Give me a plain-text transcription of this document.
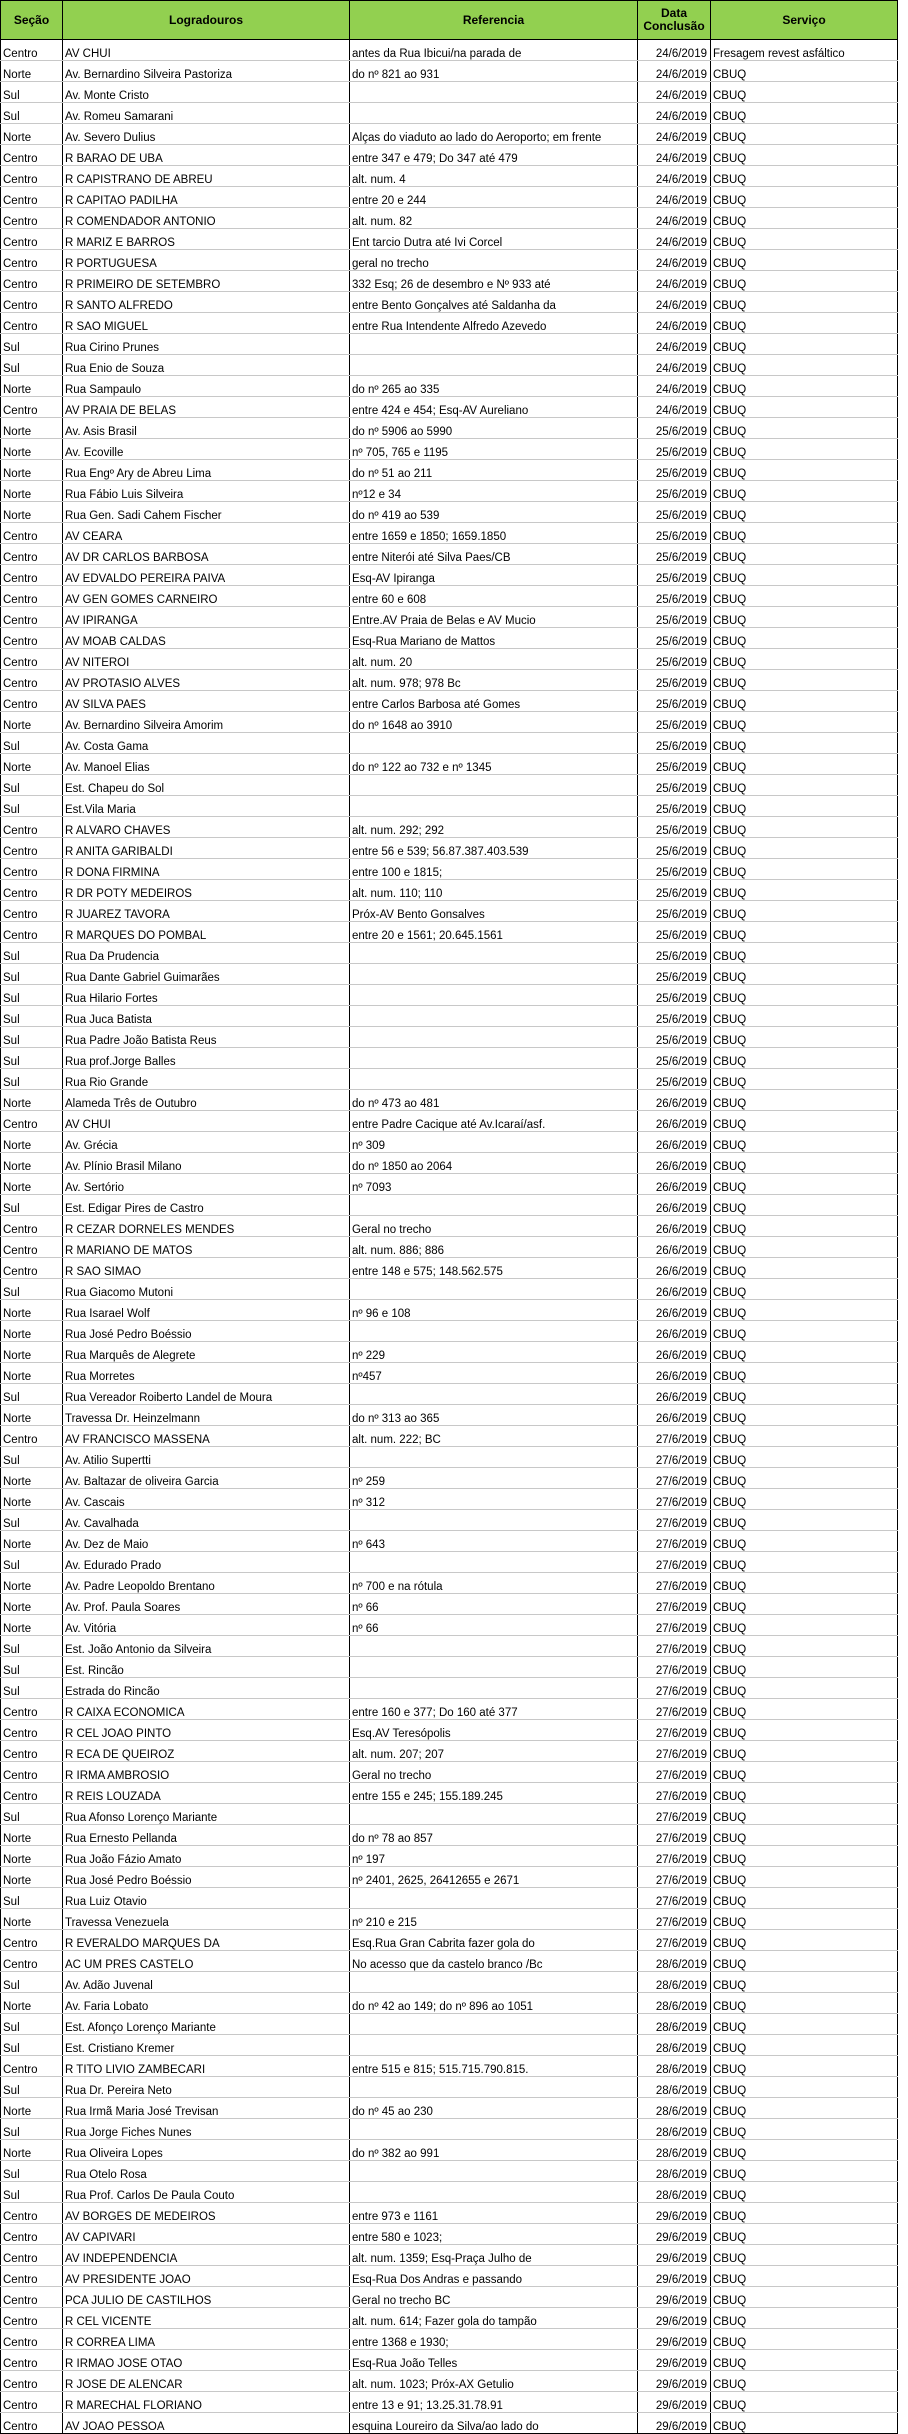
Seção	Logradouros	Referencia	Data Conclusão	Serviço
Centro	AV CHUI	antes da Rua Ibicui/na parada de	24/6/2019	Fresagem revest asfáltico
Norte	Av. Bernardino Silveira Pastoriza	do nº 821 ao 931	24/6/2019	CBUQ
Sul	Av. Monte Cristo		24/6/2019	CBUQ
Sul	Av. Romeu Samarani		24/6/2019	CBUQ
Norte	Av. Severo Dulius	Alças do viaduto ao lado do Aeroporto; em frente	24/6/2019	CBUQ
Centro	R BARAO DE UBA	entre 347 e 479; Do 347 até 479	24/6/2019	CBUQ
Centro	R CAPISTRANO DE ABREU	alt. num. 4	24/6/2019	CBUQ
Centro	R CAPITAO PADILHA	entre 20 e 244	24/6/2019	CBUQ
Centro	R COMENDADOR ANTONIO	alt. num. 82	24/6/2019	CBUQ
Centro	R MARIZ E BARROS	Ent tarcio Dutra até Ivi Corcel	24/6/2019	CBUQ
Centro	R PORTUGUESA	geral no trecho	24/6/2019	CBUQ
Centro	R PRIMEIRO DE SETEMBRO	332 Esq; 26 de desembro e Nº 933 até	24/6/2019	CBUQ
Centro	R SANTO ALFREDO	entre Bento Gonçalves até Saldanha da	24/6/2019	CBUQ
Centro	R SAO MIGUEL	entre Rua Intendente Alfredo Azevedo	24/6/2019	CBUQ
Sul	Rua Cirino Prunes		24/6/2019	CBUQ
Sul	Rua Enio de Souza		24/6/2019	CBUQ
Norte	Rua Sampaulo	do nº 265 ao 335	24/6/2019	CBUQ
Centro	AV PRAIA DE BELAS	entre 424 e 454; Esq-AV Aureliano	24/6/2019	CBUQ
Norte	Av. Asis Brasil	do nº 5906 ao 5990	25/6/2019	CBUQ
Norte	Av. Ecoville	nº 705, 765 e 1195	25/6/2019	CBUQ
Norte	Rua Engº Ary de Abreu Lima	do nº 51 ao 211	25/6/2019	CBUQ
Norte	Rua Fábio Luis Silveira	nº12 e 34	25/6/2019	CBUQ
Norte	Rua Gen. Sadi Cahem Fischer	do nº 419 ao 539	25/6/2019	CBUQ
Centro	AV CEARA	entre 1659 e 1850; 1659.1850	25/6/2019	CBUQ
Centro	AV DR CARLOS BARBOSA	entre Niterói até Silva Paes/CB	25/6/2019	CBUQ
Centro	AV EDVALDO PEREIRA PAIVA	Esq-AV Ipiranga	25/6/2019	CBUQ
Centro	AV GEN GOMES CARNEIRO	entre 60 e 608	25/6/2019	CBUQ
Centro	AV IPIRANGA	Entre.AV Praia de Belas e AV Mucio	25/6/2019	CBUQ
Centro	AV MOAB CALDAS	Esq-Rua Mariano de Mattos	25/6/2019	CBUQ
Centro	AV NITEROI	alt. num. 20	25/6/2019	CBUQ
Centro	AV PROTASIO ALVES	alt. num. 978; 978 Bc	25/6/2019	CBUQ
Centro	AV SILVA PAES	entre Carlos Barbosa até Gomes	25/6/2019	CBUQ
Norte	Av. Bernardino Silveira Amorim	do nº 1648 ao 3910	25/6/2019	CBUQ
Sul	Av. Costa Gama		25/6/2019	CBUQ
Norte	Av. Manoel Elias	do nº 122 ao 732 e nº 1345	25/6/2019	CBUQ
Sul	Est. Chapeu do Sol		25/6/2019	CBUQ
Sul	Est.Vila Maria		25/6/2019	CBUQ
Centro	R ALVARO CHAVES	alt. num. 292; 292	25/6/2019	CBUQ
Centro	R ANITA GARIBALDI	entre 56 e 539; 56.87.387.403.539	25/6/2019	CBUQ
Centro	R DONA FIRMINA	entre 100 e 1815;	25/6/2019	CBUQ
Centro	R DR POTY MEDEIROS	alt. num. 110; 110	25/6/2019	CBUQ
Centro	R JUAREZ TAVORA	Próx-AV Bento Gonsalves	25/6/2019	CBUQ
Centro	R MARQUES DO POMBAL	entre 20 e 1561; 20.645.1561	25/6/2019	CBUQ
Sul	Rua Da Prudencia		25/6/2019	CBUQ
Sul	Rua Dante Gabriel Guimarães		25/6/2019	CBUQ
Sul	Rua Hilario Fortes		25/6/2019	CBUQ
Sul	Rua Juca Batista		25/6/2019	CBUQ
Sul	Rua Padre João Batista Reus		25/6/2019	CBUQ
Sul	Rua prof.Jorge Balles		25/6/2019	CBUQ
Sul	Rua Rio Grande		25/6/2019	CBUQ
Norte	Alameda Três de Outubro	do nº 473 ao 481	26/6/2019	CBUQ
Centro	AV CHUI	entre Padre Cacique até Av.Icaraí/asf.	26/6/2019	CBUQ
Norte	Av. Grécia	nº 309	26/6/2019	CBUQ
Norte	Av. Plínio Brasil Milano	do nº 1850 ao 2064	26/6/2019	CBUQ
Norte	Av. Sertório	nº 7093	26/6/2019	CBUQ
Sul	Est. Edigar Pires de Castro		26/6/2019	CBUQ
Centro	R CEZAR DORNELES MENDES	Geral no trecho	26/6/2019	CBUQ
Centro	R MARIANO DE MATOS	alt. num. 886; 886	26/6/2019	CBUQ
Centro	R SAO SIMAO	entre 148 e 575; 148.562.575	26/6/2019	CBUQ
Sul	Rua Giacomo Mutoni		26/6/2019	CBUQ
Norte	Rua Isarael Wolf	nº 96 e 108	26/6/2019	CBUQ
Norte	Rua José Pedro Boéssio		26/6/2019	CBUQ
Norte	Rua Marquês de Alegrete	nº 229	26/6/2019	CBUQ
Norte	Rua Morretes	nº457	26/6/2019	CBUQ
Sul	Rua Vereador Roiberto Landel de Moura		26/6/2019	CBUQ
Norte	Travessa Dr. Heinzelmann	do nº 313 ao 365	26/6/2019	CBUQ
Centro	AV FRANCISCO MASSENA	alt. num. 222; BC	27/6/2019	CBUQ
Sul	Av. Atilio Supertti		27/6/2019	CBUQ
Norte	Av. Baltazar de oliveira Garcia	nº 259	27/6/2019	CBUQ
Norte	Av. Cascais	nº 312	27/6/2019	CBUQ
Sul	Av. Cavalhada		27/6/2019	CBUQ
Norte	Av. Dez de Maio	nº 643	27/6/2019	CBUQ
Sul	Av. Edurado Prado		27/6/2019	CBUQ
Norte	Av. Padre Leopoldo Brentano	nº 700 e na rótula	27/6/2019	CBUQ
Norte	Av. Prof. Paula Soares	nº 66	27/6/2019	CBUQ
Norte	Av. Vitória	nº 66	27/6/2019	CBUQ
Sul	Est. João Antonio da Silveira		27/6/2019	CBUQ
Sul	Est. Rincão		27/6/2019	CBUQ
Sul	Estrada do Rincão		27/6/2019	CBUQ
Centro	R CAIXA ECONOMICA	entre 160 e 377; Do 160 até 377	27/6/2019	CBUQ
Centro	R CEL JOAO PINTO	Esq.AV Teresópolis	27/6/2019	CBUQ
Centro	R ECA DE QUEIROZ	alt. num. 207; 207	27/6/2019	CBUQ
Centro	R IRMA AMBROSIO	Geral no trecho	27/6/2019	CBUQ
Centro	R REIS LOUZADA	entre 155 e 245; 155.189.245	27/6/2019	CBUQ
Sul	Rua Afonso Lorenço Mariante		27/6/2019	CBUQ
Norte	Rua Ernesto Pellanda	do nº 78 ao 857	27/6/2019	CBUQ
Norte	Rua João Fázio Amato	nº 197	27/6/2019	CBUQ
Norte	Rua José Pedro Boéssio	nº 2401, 2625, 26412655 e 2671	27/6/2019	CBUQ
Sul	Rua Luiz Otavio		27/6/2019	CBUQ
Norte	Travessa Venezuela	nº 210 e 215	27/6/2019	CBUQ
Centro	R EVERALDO MARQUES DA	Esq.Rua Gran Cabrita fazer gola do	27/6/2019	CBUQ
Centro	AC UM PRES CASTELO	No acesso que da castelo branco /Bc	28/6/2019	CBUQ
Sul	Av. Adão Juvenal		28/6/2019	CBUQ
Norte	Av. Faria Lobato	do nº 42 ao 149; do nº 896 ao 1051	28/6/2019	CBUQ
Sul	Est. Afonço Lorenço Mariante		28/6/2019	CBUQ
Sul	Est. Cristiano Kremer		28/6/2019	CBUQ
Centro	R TITO LIVIO ZAMBECARI	entre 515 e 815; 515.715.790.815.	28/6/2019	CBUQ
Sul	Rua Dr. Pereira Neto		28/6/2019	CBUQ
Norte	Rua Irmã Maria José Trevisan	do nº 45 ao 230	28/6/2019	CBUQ
Sul	Rua Jorge Fiches Nunes		28/6/2019	CBUQ
Norte	Rua Oliveira Lopes	do nº 382 ao 991	28/6/2019	CBUQ
Sul	Rua Otelo Rosa		28/6/2019	CBUQ
Sul	Rua Prof. Carlos De Paula Couto		28/6/2019	CBUQ
Centro	AV BORGES DE MEDEIROS	entre 973 e 1161	29/6/2019	CBUQ
Centro	AV CAPIVARI	entre 580 e 1023;	29/6/2019	CBUQ
Centro	AV INDEPENDENCIA	alt. num. 1359; Esq-Praça Julho de	29/6/2019	CBUQ
Centro	AV PRESIDENTE JOAO	Esq-Rua Dos Andras e passando	29/6/2019	CBUQ
Centro	PCA JULIO DE CASTILHOS	Geral no trecho BC	29/6/2019	CBUQ
Centro	R CEL VICENTE	alt. num. 614; Fazer gola do tampão	29/6/2019	CBUQ
Centro	R CORREA LIMA	entre 1368 e 1930;	29/6/2019	CBUQ
Centro	R IRMAO JOSE OTAO	Esq-Rua João Telles	29/6/2019	CBUQ
Centro	R JOSE DE ALENCAR	alt. num. 1023; Próx-AX Getulio	29/6/2019	CBUQ
Centro	R MARECHAL FLORIANO	entre 13 e 91; 13.25.31.78.91	29/6/2019	CBUQ
Centro	AV JOAO PESSOA	esquina Loureiro da Silva/ao lado do	29/6/2019	CBUQ
